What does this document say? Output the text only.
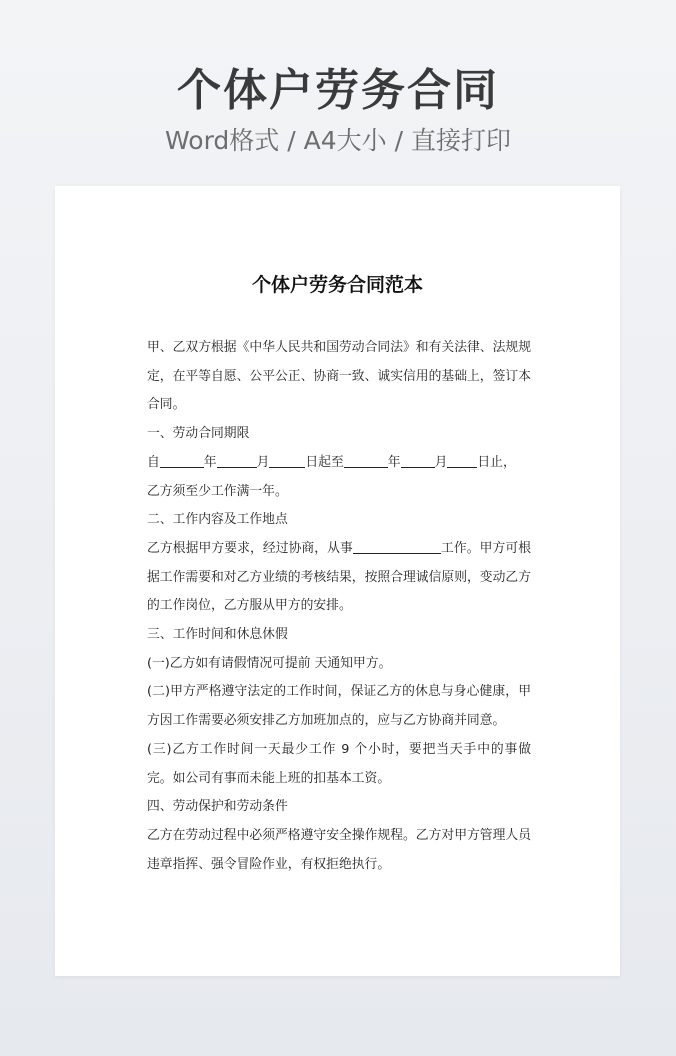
个体户劳务合同
Word格式 / A4大小 / 直接打印
个体户劳务合同范本

甲、乙双方根据《中华人民共和国劳动合同法》和有关法律、法规规定，在平等自愿、公平公正、协商一致、诚实信用的基础上，签订本合同。

一、劳动合同期限

自	年	月	日起至	年	月 日止，

乙方须至少工作满一年。

二、工作内容及工作地点

乙方根据甲方要求，经过协商，从事	工作。甲方可根据工作需要和对乙方业绩的考核结果，按照合理诚信原则，变动乙方的工作岗位，乙方服从甲方的安排。

三、工作时间和休息休假

(一)乙方如有请假情况可提前 天通知甲方。

(二)甲方严格遵守法定的工作时间，保证乙方的休息与身心健康，甲方因工作需要必须安排乙方加班加点的，应与乙方协商并同意。

(三)乙方工作时间一天最少工作 9 个小时，要把当天手中的事做完。如公司有事而未能上班的扣基本工资。

四、劳动保护和劳动条件

乙方在劳动过程中必须严格遵守安全操作规程。乙方对甲方管理人员违章指挥、强令冒险作业，有权拒绝执行。
